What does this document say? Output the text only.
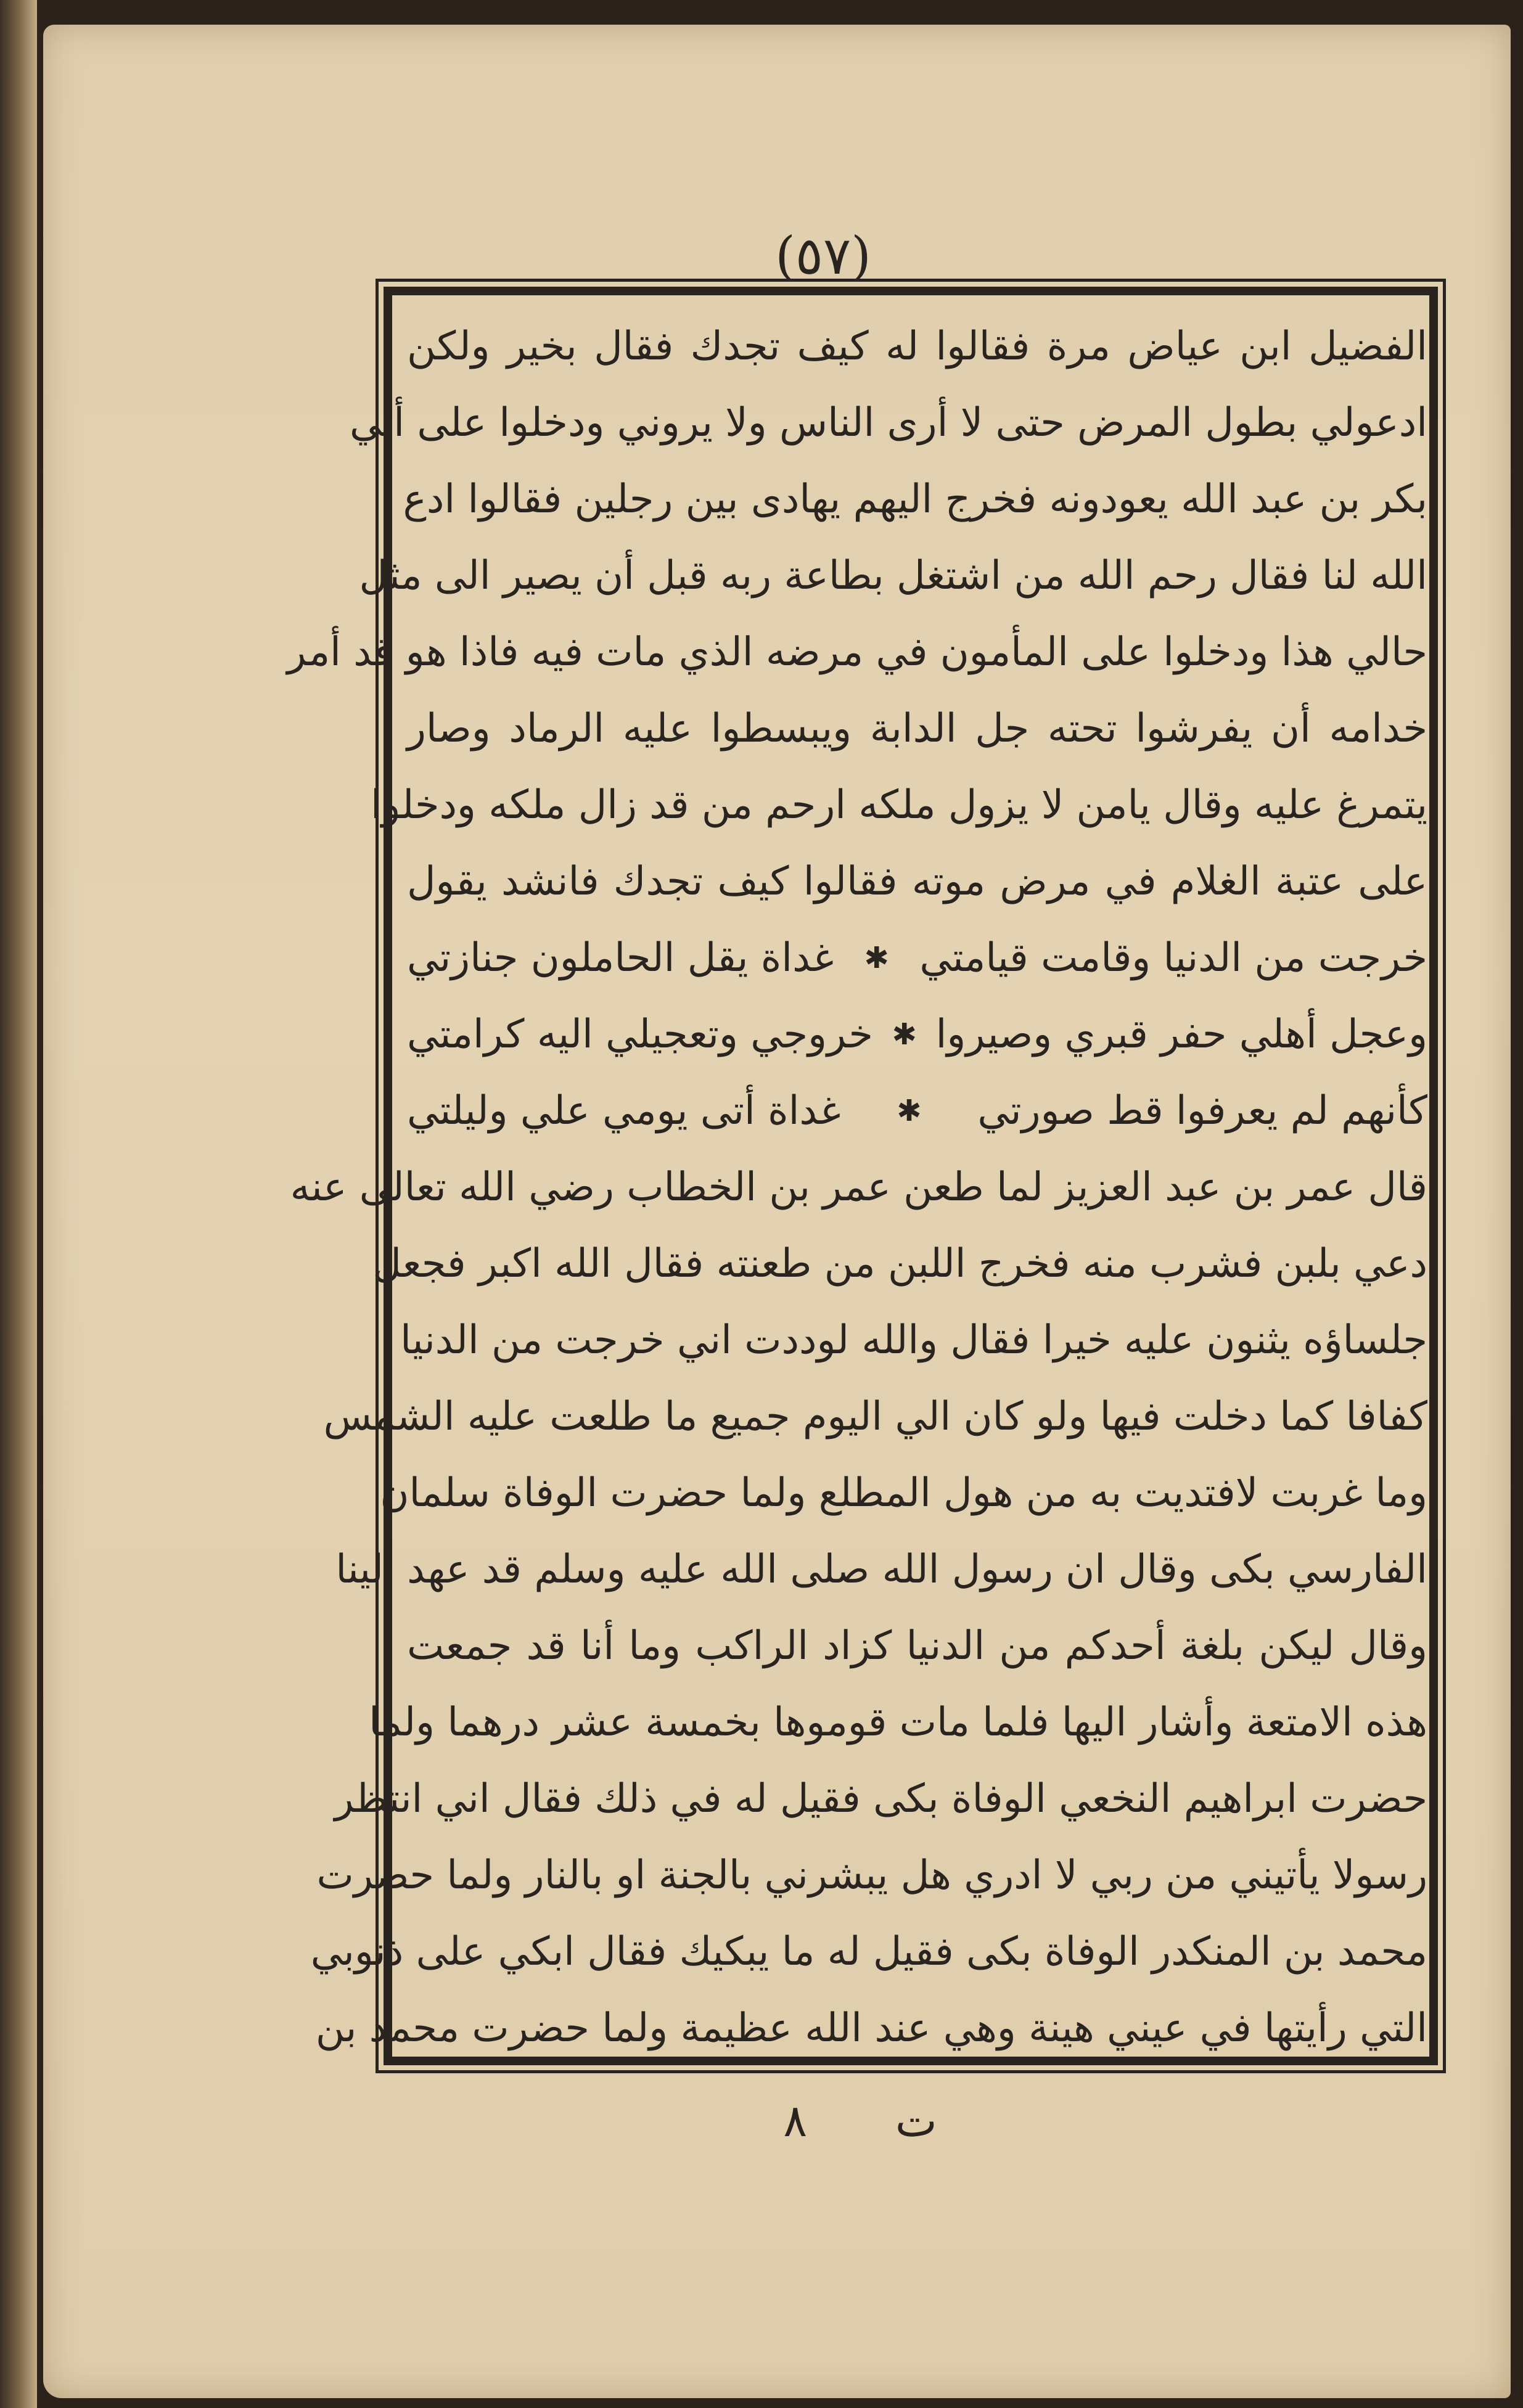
(٥٧)
الفضيل ابن عياض مرة فقالوا له كيف تجدك فقال بخير ولكن
ادعولي بطول المرض حتى لا أرى الناس ولا يروني ودخلوا على أبي
بكر بن عبد الله يعودونه فخرج اليهم يهادى بين رجلين فقالوا ادع
الله لنا فقال رحم الله من اشتغل بطاعة ربه قبل أن يصير الى مثل
حالي هذا ودخلوا على المأمون في مرضه الذي مات فيه فاذا هو قد أمر
خدامه أن يفرشوا تحته جل الدابة ويبسطوا عليه الرماد وصار
يتمرغ عليه وقال يامن لا يزول ملكه ارحم من قد زال ملكه ودخلوا
على عتبة الغلام في مرض موته فقالوا كيف تجدك فانشد يقول
خرجت من الدنيا وقامت قيامتي
✱
غداة يقل الحاملون جنازتي
وعجل أهلي حفر قبري وصيروا
✱
خروجي وتعجيلي اليه كرامتي
كأنهم لم يعرفوا قط صورتي
✱
غداة أتى يومي علي وليلتي
قال عمر بن عبد العزيز لما طعن عمر بن الخطاب رضي الله تعالى عنه
دعي بلبن فشرب منه فخرج اللبن من طعنته فقال الله اكبر فجعل
جلساؤه يثنون عليه خيرا فقال والله لوددت اني خرجت من الدنيا
كفافا كما دخلت فيها ولو كان الي اليوم جميع ما طلعت عليه الشمس
وما غربت لافتديت به من هول المطلع ولما حضرت الوفاة سلمان
الفارسي بكى وقال ان رسول الله صلى الله عليه وسلم قد عهد الينا
وقال ليكن بلغة أحدكم من الدنيا كزاد الراكب وما أنا قد جمعت
هذه الامتعة وأشار اليها فلما مات قوموها بخمسة عشر درهما ولما
حضرت ابراهيم النخعي الوفاة بكى فقيل له في ذلك فقال اني انتظر
رسولا يأتيني من ربي لا ادري هل يبشرني بالجنة او بالنار ولما حضرت
محمد بن المنكدر الوفاة بكى فقيل له ما يبكيك فقال ابكي على ذنوبي
التي رأيتها في عيني هينة وهي عند الله عظيمة ولما حضرت محمد بن
ت ٨
